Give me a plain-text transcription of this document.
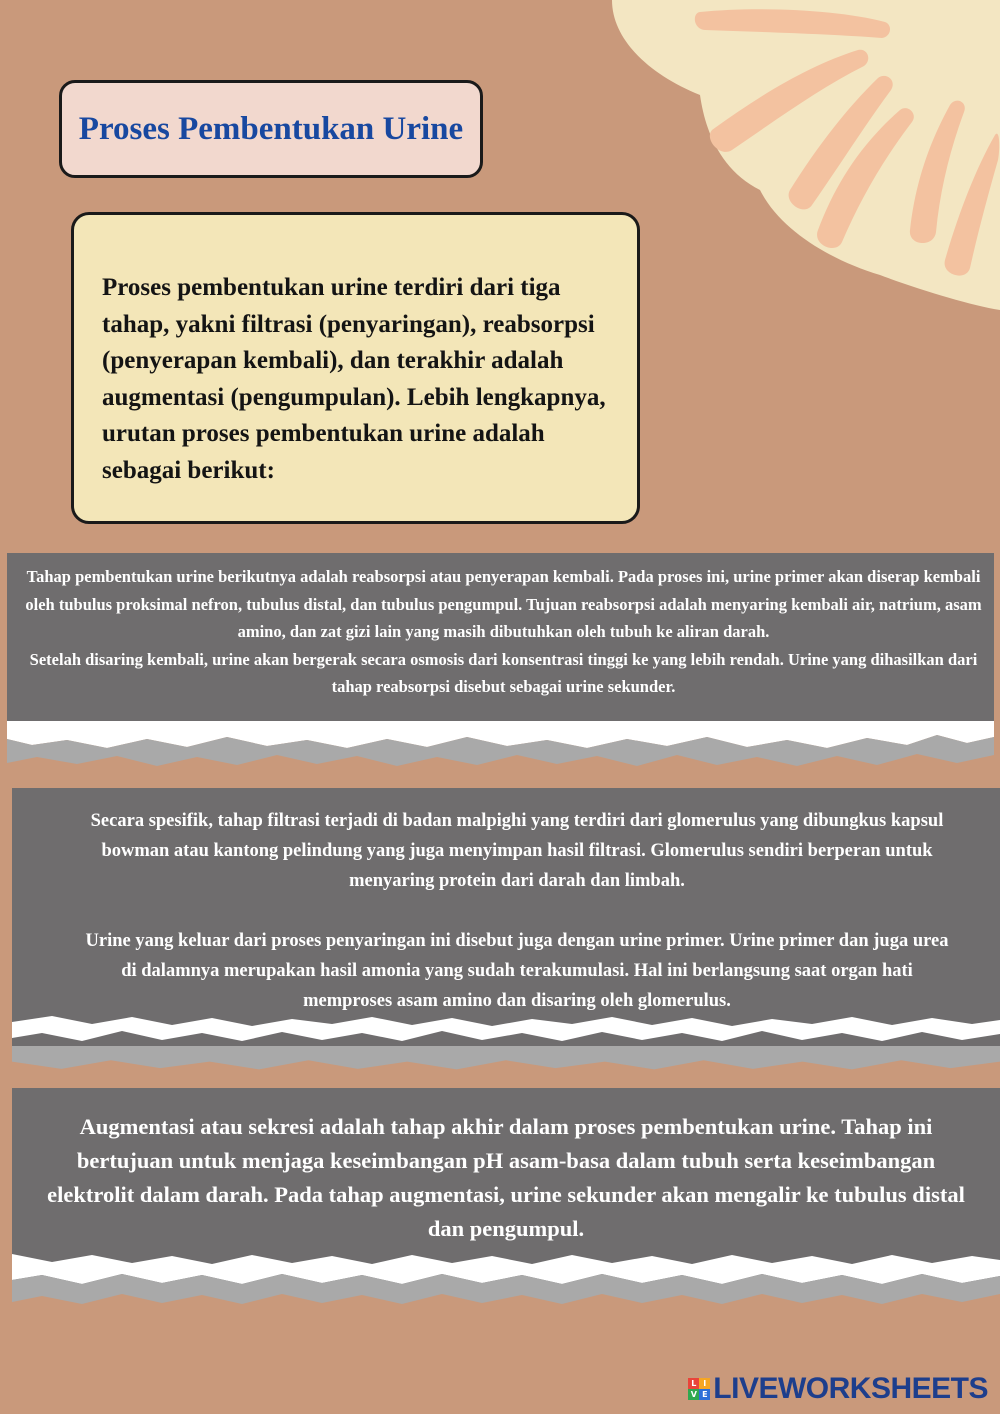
Proses Pembentukan Urine

Proses pembentukan urine terdiri dari tiga tahap, yakni filtrasi (penyaringan), reabsorpsi (penyerapan kembali), dan terakhir adalah augmentasi (pengumpulan). Lebih lengkapnya, urutan proses pembentukan urine adalah sebagai berikut:

Tahap pembentukan urine berikutnya adalah reabsorpsi atau penyerapan kembali. Pada proses ini, urine primer akan diserap kembali oleh tubulus proksimal nefron, tubulus distal, dan tubulus pengumpul. Tujuan reabsorpsi adalah menyaring kembali air, natrium, asam amino, dan zat gizi lain yang masih dibutuhkan oleh tubuh ke aliran darah.

Setelah disaring kembali, urine akan bergerak secara osmosis dari konsentrasi tinggi ke yang lebih rendah. Urine yang dihasilkan dari tahap reabsorpsi disebut sebagai urine sekunder.

Secara spesifik, tahap filtrasi terjadi di badan malpighi yang terdiri dari glomerulus yang dibungkus kapsul

bowman atau kantong pelindung yang juga menyimpan hasil filtrasi. Glomerulus sendiri berperan untuk

menyaring protein dari darah dan limbah.

Urine yang keluar dari proses penyaringan ini disebut juga dengan urine primer. Urine primer dan juga urea

di dalamnya merupakan hasil amonia yang sudah terakumulasi. Hal ini berlangsung saat organ hati

memproses asam amino dan disaring oleh glomerulus.

Augmentasi atau sekresi adalah tahap akhir dalam proses pembentukan urine. Tahap ini bertujuan untuk menjaga keseimbangan pH asam-basa dalam tubuh serta keseimbangan elektrolit dalam darah. Pada tahap augmentasi, urine sekunder akan mengalir ke tubulus distal dan pengumpul.

L I
V E LIVEWORKSHEETS
